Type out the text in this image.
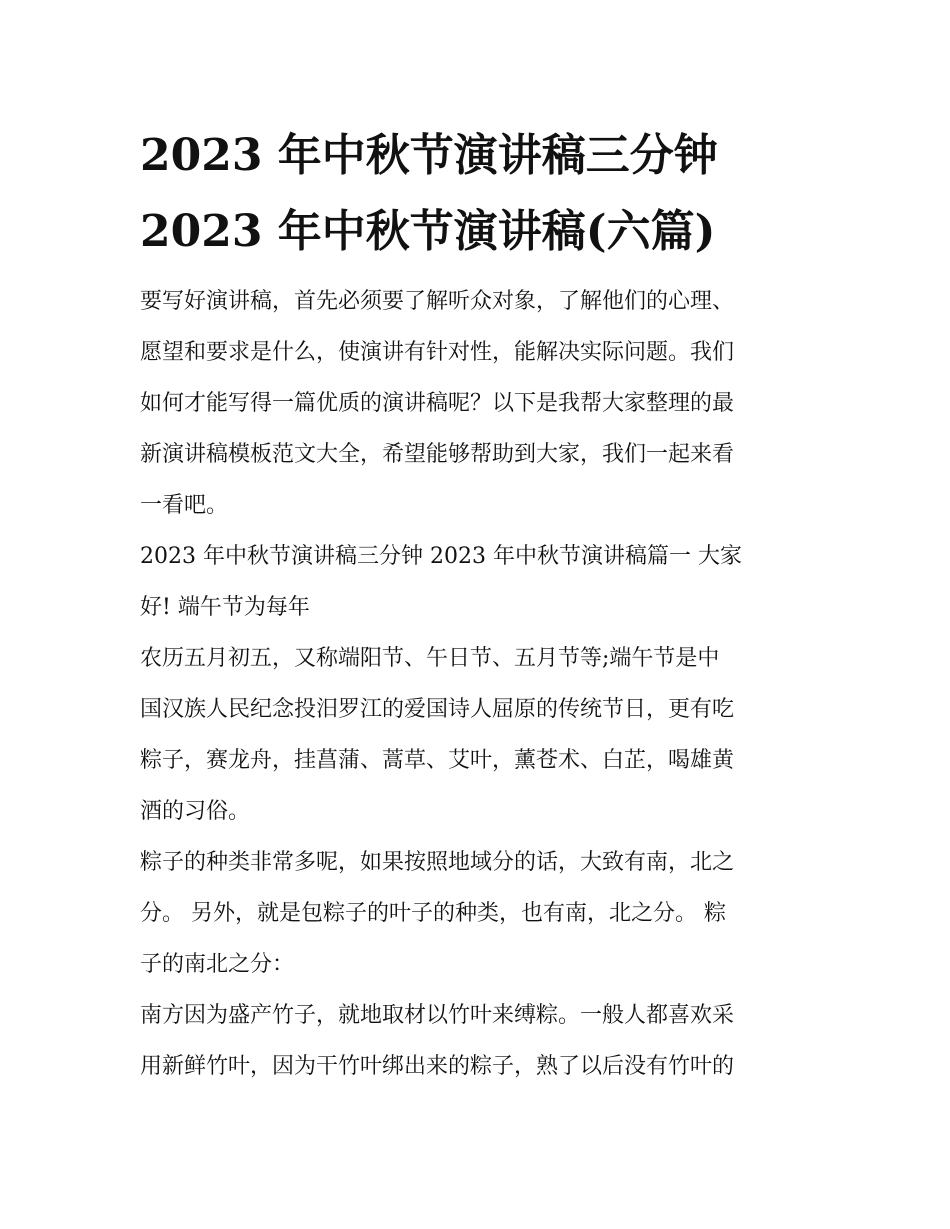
2023 年中秋节演讲稿三分钟
2023 年中秋节演讲稿(六篇)

要写好演讲稿，首先必须要了解听众对象，了解他们的心理、
愿望和要求是什么，使演讲有针对性，能解决实际问题。我们
如何才能写得一篇优质的演讲稿呢？以下是我帮大家整理的最
新演讲稿模板范文大全，希望能够帮助到大家，我们一起来看
一看吧。

2023 年中秋节演讲稿三分钟 2023 年中秋节演讲稿篇一 大家
好! 端午节为每年

农历五月初五，又称端阳节、午日节、五月节等;端午节是中
国汉族人民纪念投汨罗江的爱国诗人屈原的传统节日，更有吃
粽子，赛龙舟，挂菖蒲、蒿草、艾叶，薰苍术、白芷，喝雄黄
酒的习俗。

粽子的种类非常多呢，如果按照地域分的话，大致有南，北之
分。 另外，就是包粽子的叶子的种类，也有南，北之分。 粽
子的南北之分：

南方因为盛产竹子，就地取材以竹叶来缚粽。一般人都喜欢采
用新鲜竹叶，因为干竹叶绑出来的粽子，熟了以后没有竹叶的
